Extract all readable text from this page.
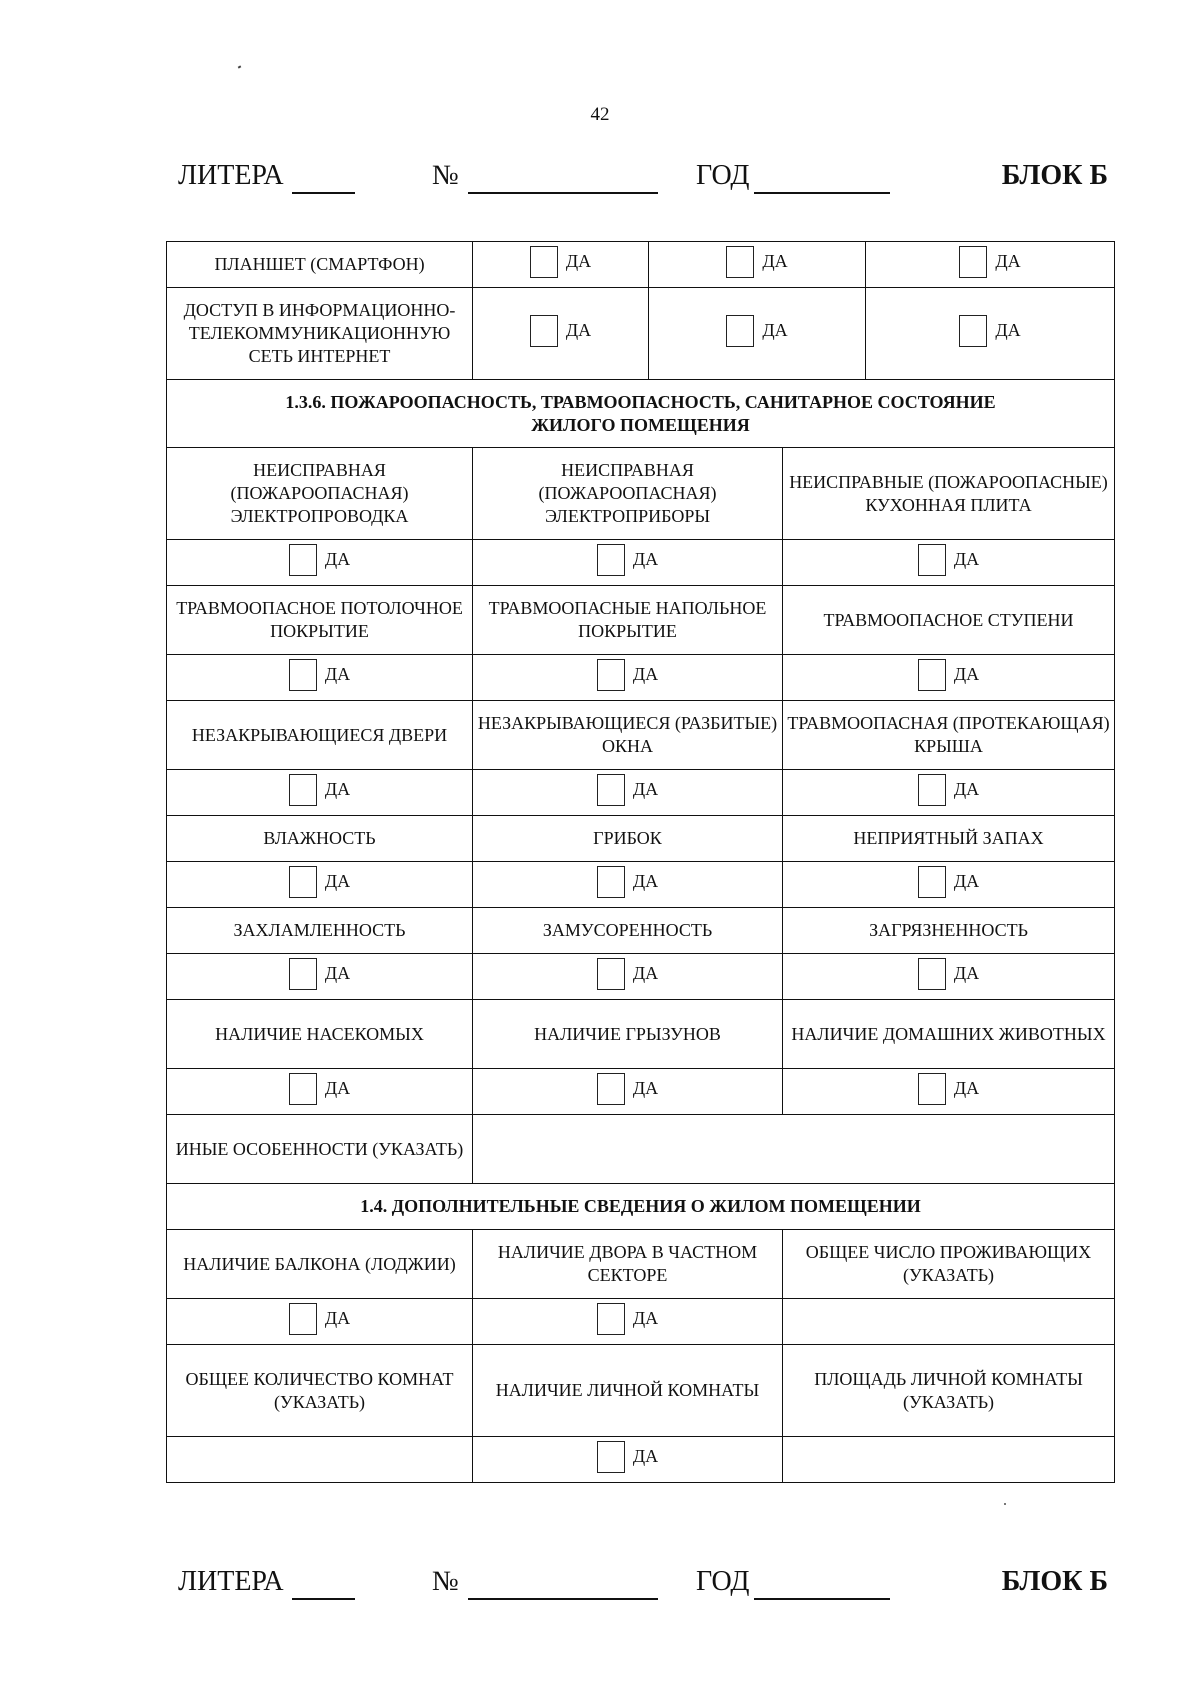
42
ЛИТЕРА	№	ГОД	БЛОК Б
ПЛАНШЕТ (СМАРТФОН)	ДА	ДА	ДА

ДОСТУП В ИНФОРМАЦИОННО-ТЕЛЕКОММУНИКАЦИОННУЮ СЕТЬ ИНТЕРНЕТ	ДА	ДА	ДА
1.3.6. ПОЖАРООПАСНОСТЬ, ТРАВМООПАСНОСТЬ, САНИТАРНОЕ СОСТОЯНИЕ ЖИЛОГО ПОМЕЩЕНИЯ		
НЕИСПРАВНАЯ (ПОЖАРООПАСНАЯ) ЭЛЕКТРОПРОВОДКА	НЕИСПРАВНАЯ (ПОЖАРООПАСНАЯ) ЭЛЕКТРОПРИБОРЫ	НЕИСПРАВНЫЕ (ПОЖАРООПАСНЫЕ) КУХОННАЯ ПЛИТА

ДА	ДА	ДА

ТРАВМООПАСНОЕ ПОТОЛОЧНОЕ ПОКРЫТИЕ	ТРАВМООПАСНЫЕ НАПОЛЬНОЕ ПОКРЫТИЕ	ТРАВМООПАСНОЕ СТУПЕНИ

ДА	ДА	ДА

НЕЗАКРЫВАЮЩИЕСЯ ДВЕРИ	НЕЗАКРЫВАЮЩИЕСЯ (РАЗБИТЫЕ) ОКНА	ТРАВМООПАСНАЯ (ПРОТЕКАЮЩАЯ) КРЫША

ДА	ДА	ДА

ВЛАЖНОСТЬ	ГРИБОК	НЕПРИЯТНЫЙ ЗАПАХ

ДА	ДА	ДА

ЗАХЛАМЛЕННОСТЬ	ЗАМУСОРЕННОСТЬ	ЗАГРЯЗНЕННОСТЬ

ДА	ДА	ДА

НАЛИЧИЕ НАСЕКОМЫХ	НАЛИЧИЕ ГРЫЗУНОВ	НАЛИЧИЕ ДОМАШНИХ ЖИВОТНЫХ

ДА	ДА	ДА

ИНЫЕ ОСОБЕННОСТИ (УКАЗАТЬ)		
1.4. ДОПОЛНИТЕЛЬНЫЕ СВЕДЕНИЯ О ЖИЛОМ ПОМЕЩЕНИИ		
НАЛИЧИЕ БАЛКОНА (ЛОДЖИИ)	НАЛИЧИЕ ДВОРА В ЧАСТНОМ СЕКТОРЕ	ОБЩЕЕ ЧИСЛО ПРОЖИВАЮЩИХ (УКАЗАТЬ)

ДА	ДА	

ОБЩЕЕ КОЛИЧЕСТВО КОМНАТ (УКАЗАТЬ)	НАЛИЧИЕ ЛИЧНОЙ КОМНАТЫ	ПЛОЩАДЬ ЛИЧНОЙ КОМНАТЫ (УКАЗАТЬ)

	ДА	

ЛИТЕРА	№	ГОД	БЛОК Б
